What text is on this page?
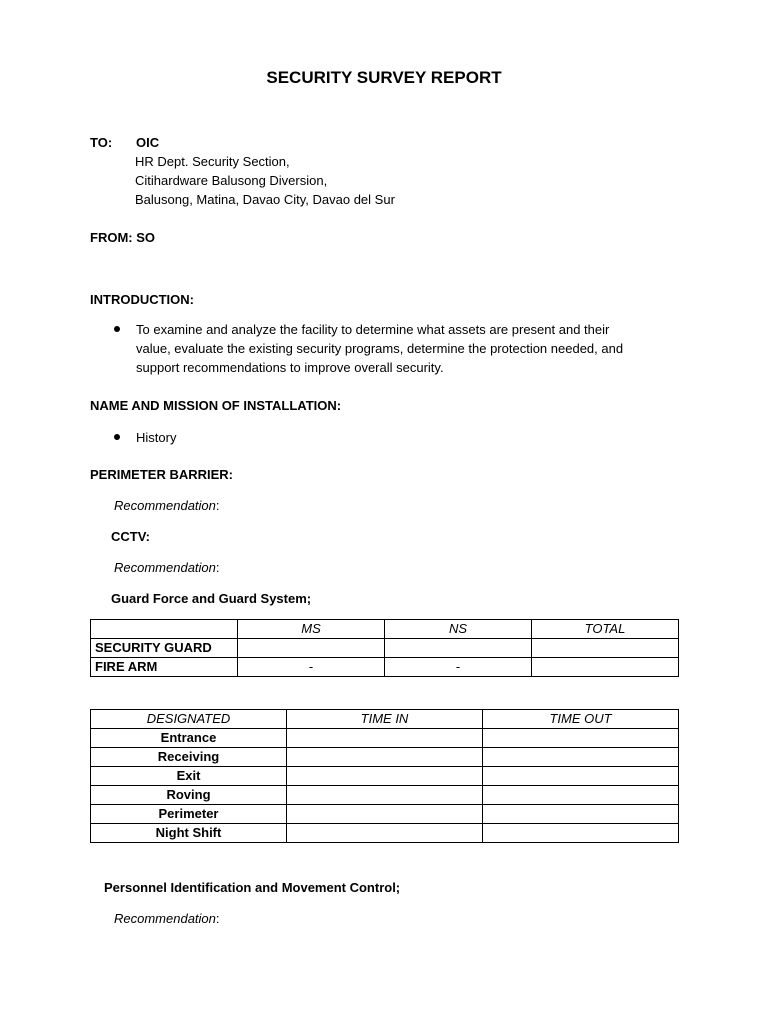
SECURITY SURVEY REPORT
TO: OIC
HR Dept. Security Section,
Citihardware Balusong Diversion,
Balusong, Matina, Davao City, Davao del Sur
FROM: SO
INTRODUCTION:
To examine and analyze the facility to determine what assets are present and their
value, evaluate the existing security programs, determine the protection needed, and
support recommendations to improve overall security.
NAME AND MISSION OF INSTALLATION:
History
PERIMETER BARRIER:
Recommendation:
CCTV:
Recommendation:
Guard Force and Guard System;
	MS	NS	TOTAL
SECURITY GUARD			
FIRE ARM	-	-	
DESIGNATED	TIME IN	TIME OUT
Entrance		
Receiving		
Exit		
Roving		
Perimeter		
Night Shift		
Personnel Identification and Movement Control;
Recommendation:
